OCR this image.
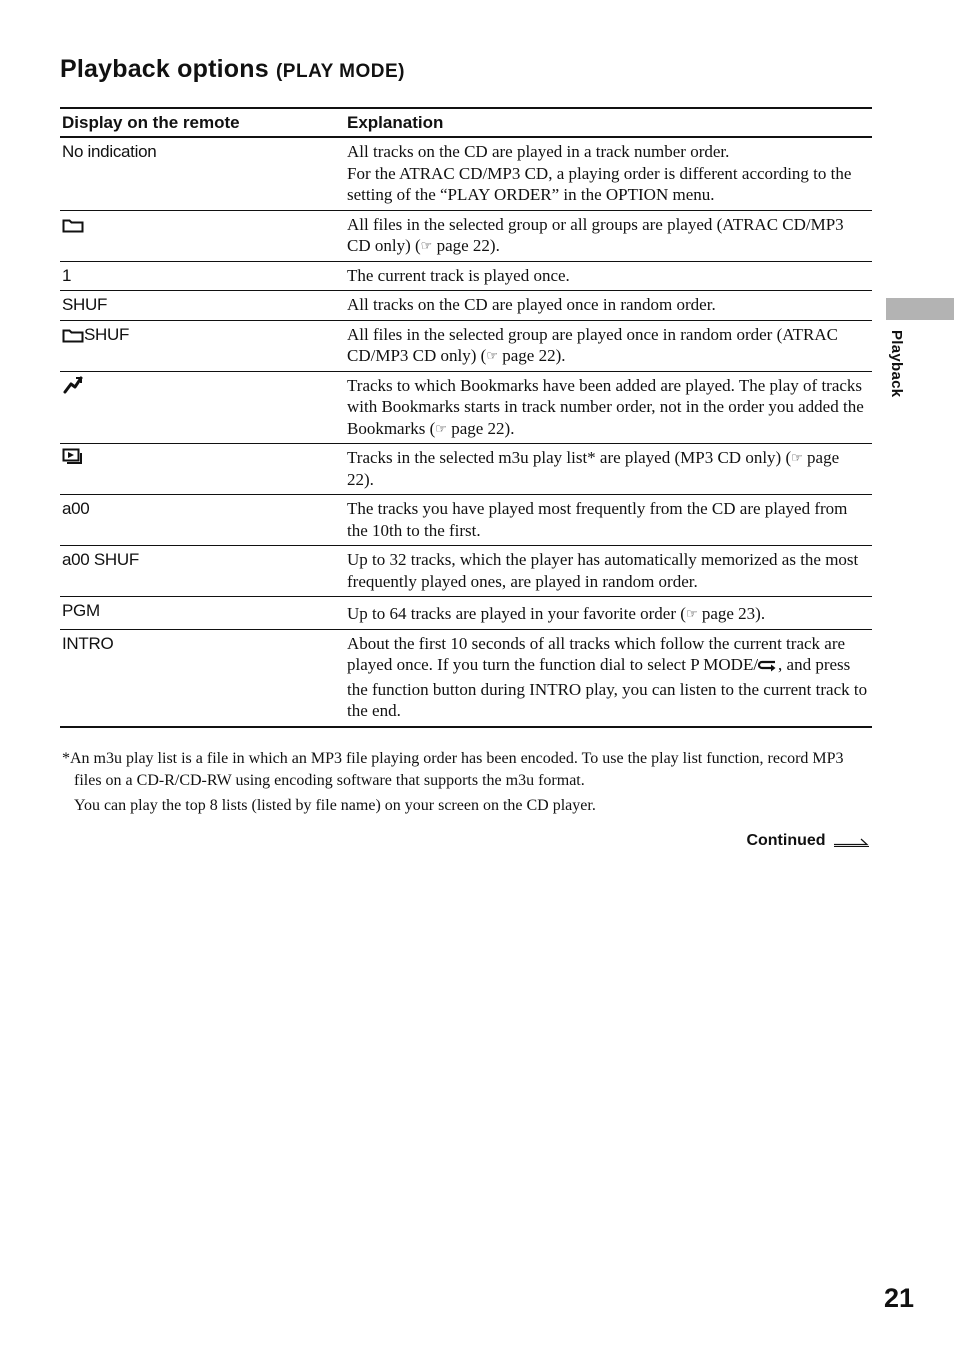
Playback options (PLAY MODE)
Display on the remote	Explanation
No indication	All tracks on the CD are played in a track number order.
For the ATRAC CD/MP3 CD, a playing order is different according to the setting of the “PLAY ORDER” in the OPTION menu.

	All files in the selected group or all groups are played (ATRAC CD/MP3 CD only) (☞ page 22).
1	The current track is played once.
SHUF	All tracks on the CD are played once in random order.
SHUF	All files in the selected group are played once in random order (ATRAC CD/MP3 CD only) (☞ page 22).
	Tracks to which Bookmarks have been added are played. The play of tracks with Bookmarks starts in track number order, not in the order you added the Bookmarks (☞ page 22).
	Tracks in the selected m3u play list* are played (MP3 CD only) (☞ page 22).
a00	The tracks you have played most frequently from the CD are played from the 10th to the first.
a00 SHUF	Up to 32 tracks, which the player has automatically memorized as the most frequently played ones, are played in random order.
PGM	Up to 64 tracks are played in your favorite order (☞ page 23).
INTRO	About the first 10 seconds of all tracks which follow the current track are played once. If you turn the function dial to select P MODE/ , and press the function button during INTRO play, you can listen to the current track to the end.
*An m3u play list is a file in which an MP3 file playing order has been encoded. To use the play list function, record MP3 files on a CD-R/CD-RW using encoding software that supports the m3u format.
You can play the top 8 lists (listed by file name) on your screen on the CD player.
Continued
Playback
21
